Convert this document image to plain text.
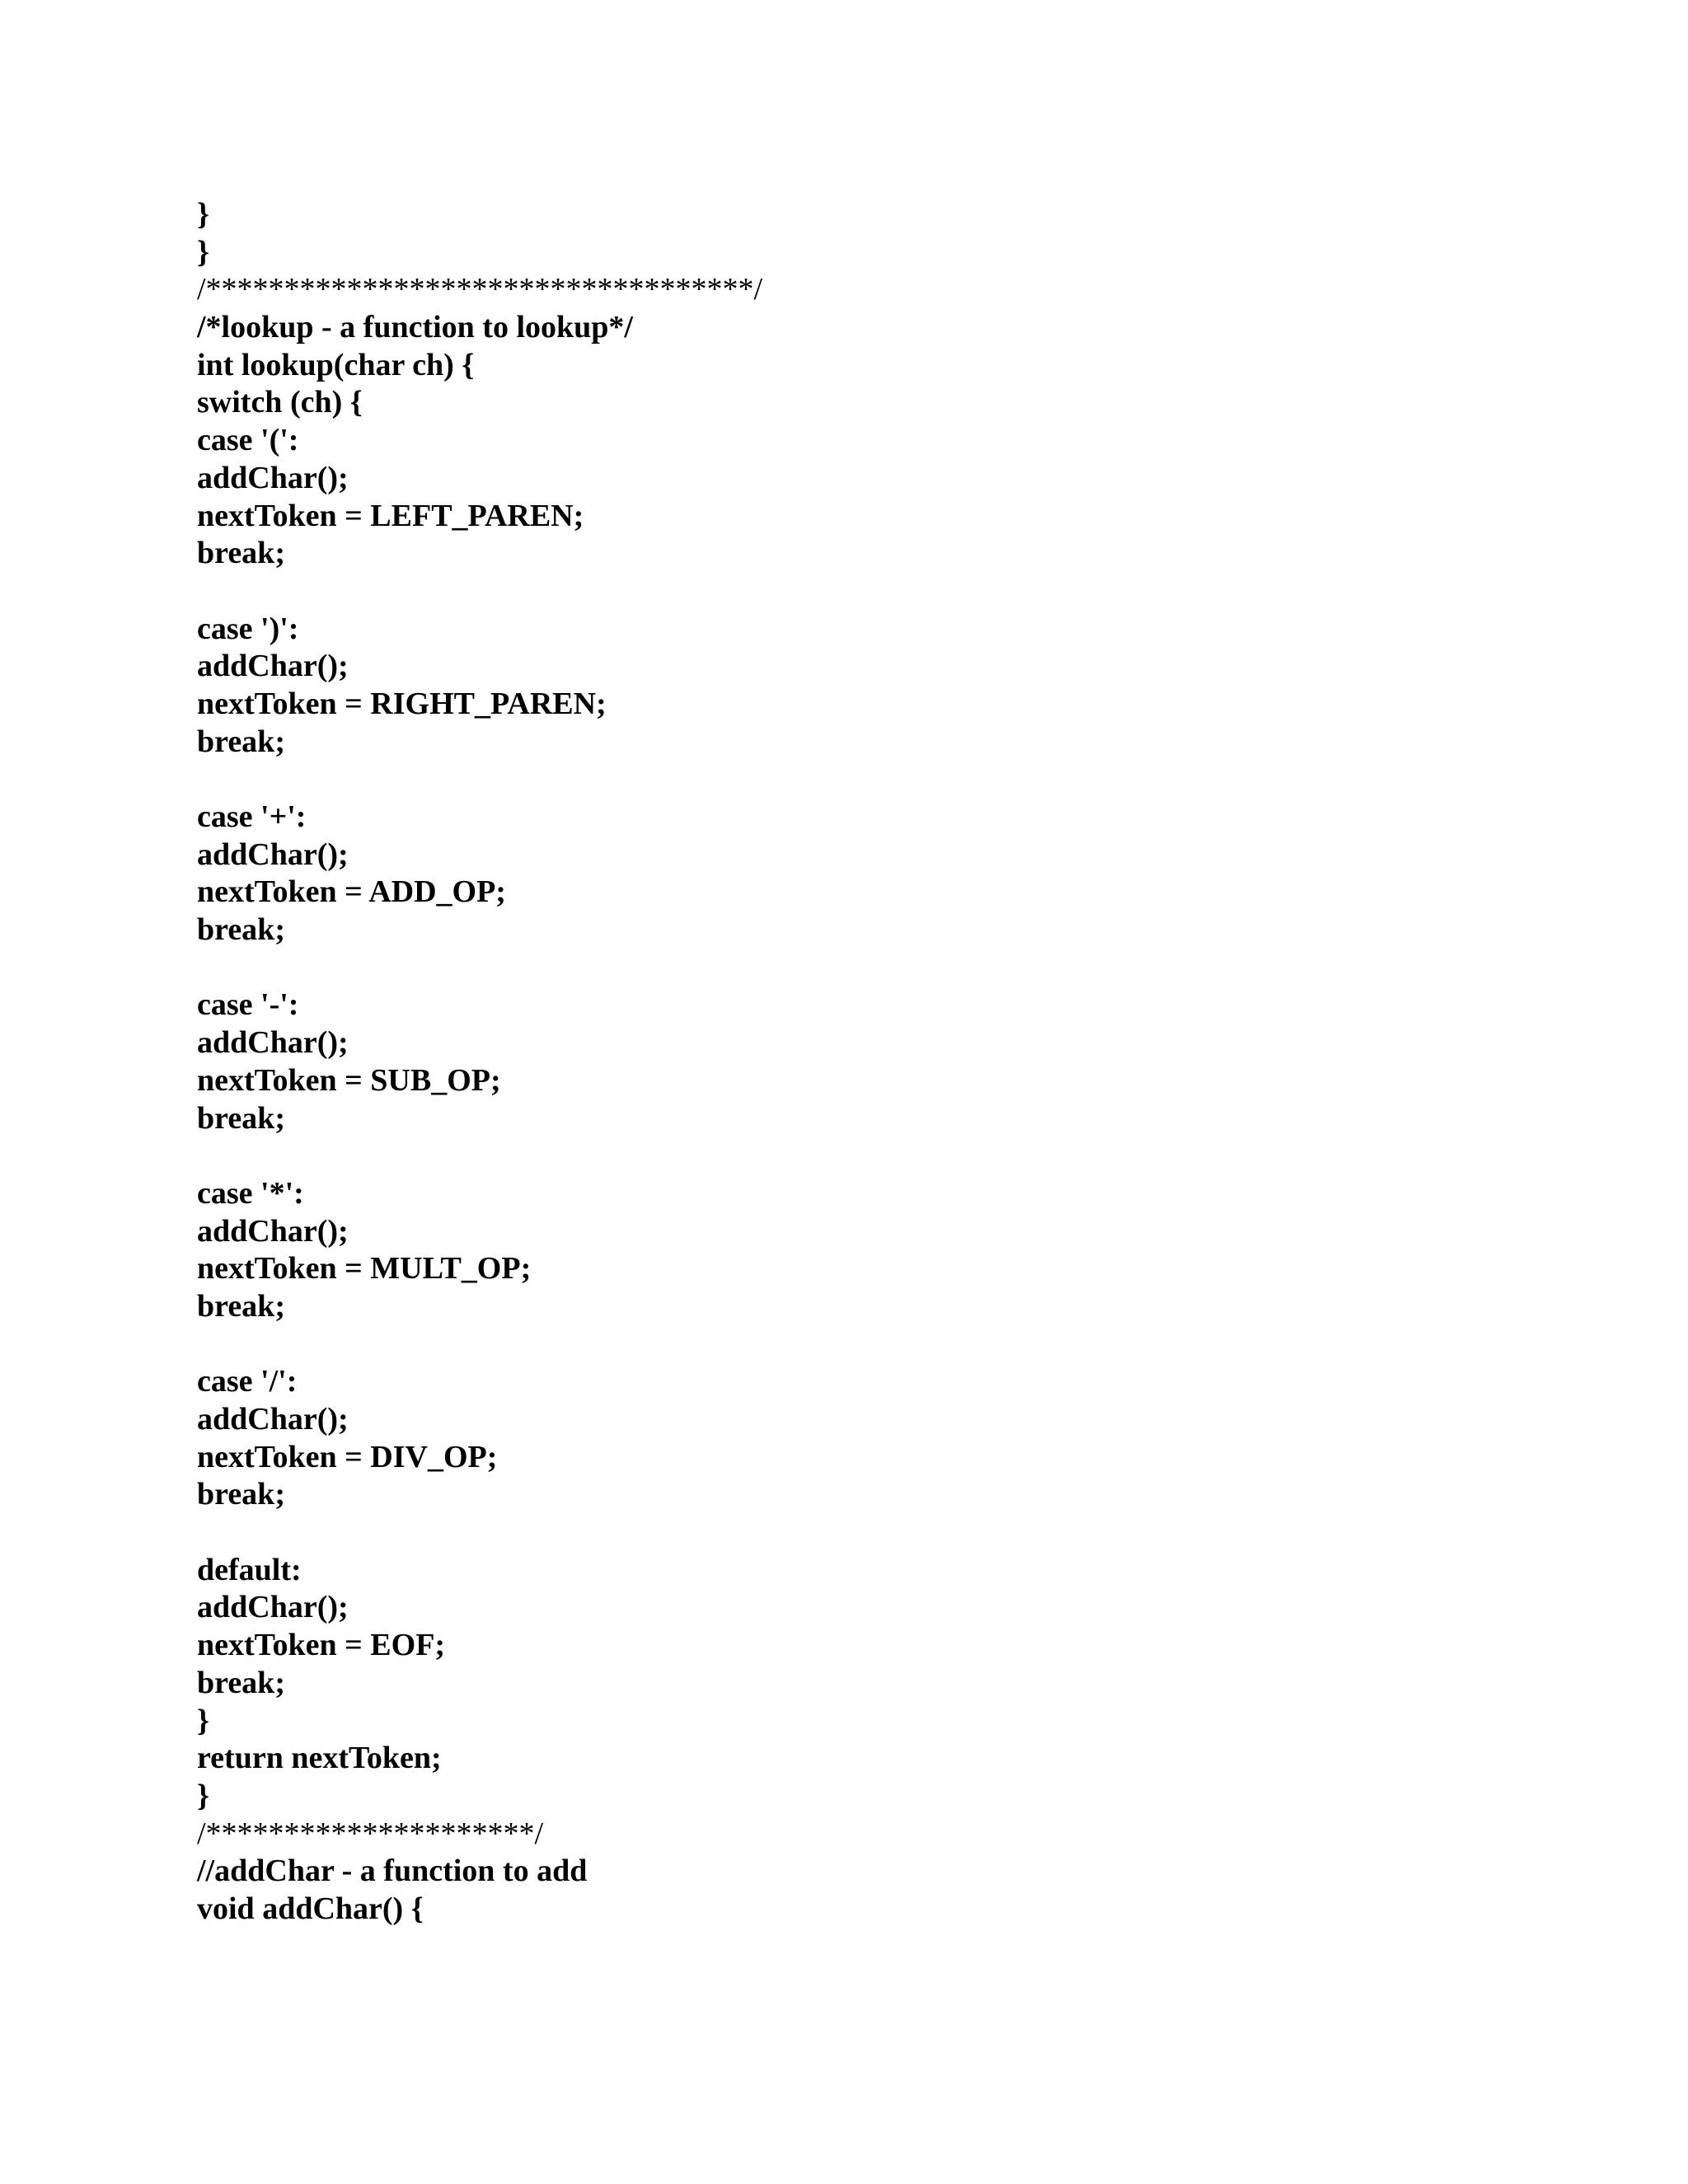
}
}
/***********************************/
/*lookup - a function to lookup*/
int lookup(char ch) {
switch (ch) {
case '(':
addChar();
nextToken = LEFT_PAREN;
break;
case ')':
addChar();
nextToken = RIGHT_PAREN;
break;
case '+':
addChar();
nextToken = ADD_OP;
break;
case '-':
addChar();
nextToken = SUB_OP;
break;
case '*':
addChar();
nextToken = MULT_OP;
break;
case '/':
addChar();
nextToken = DIV_OP;
break;
default:
addChar();
nextToken = EOF;
break;
}
return nextToken;
}
/*********************/
//addChar - a function to add
void addChar() {
